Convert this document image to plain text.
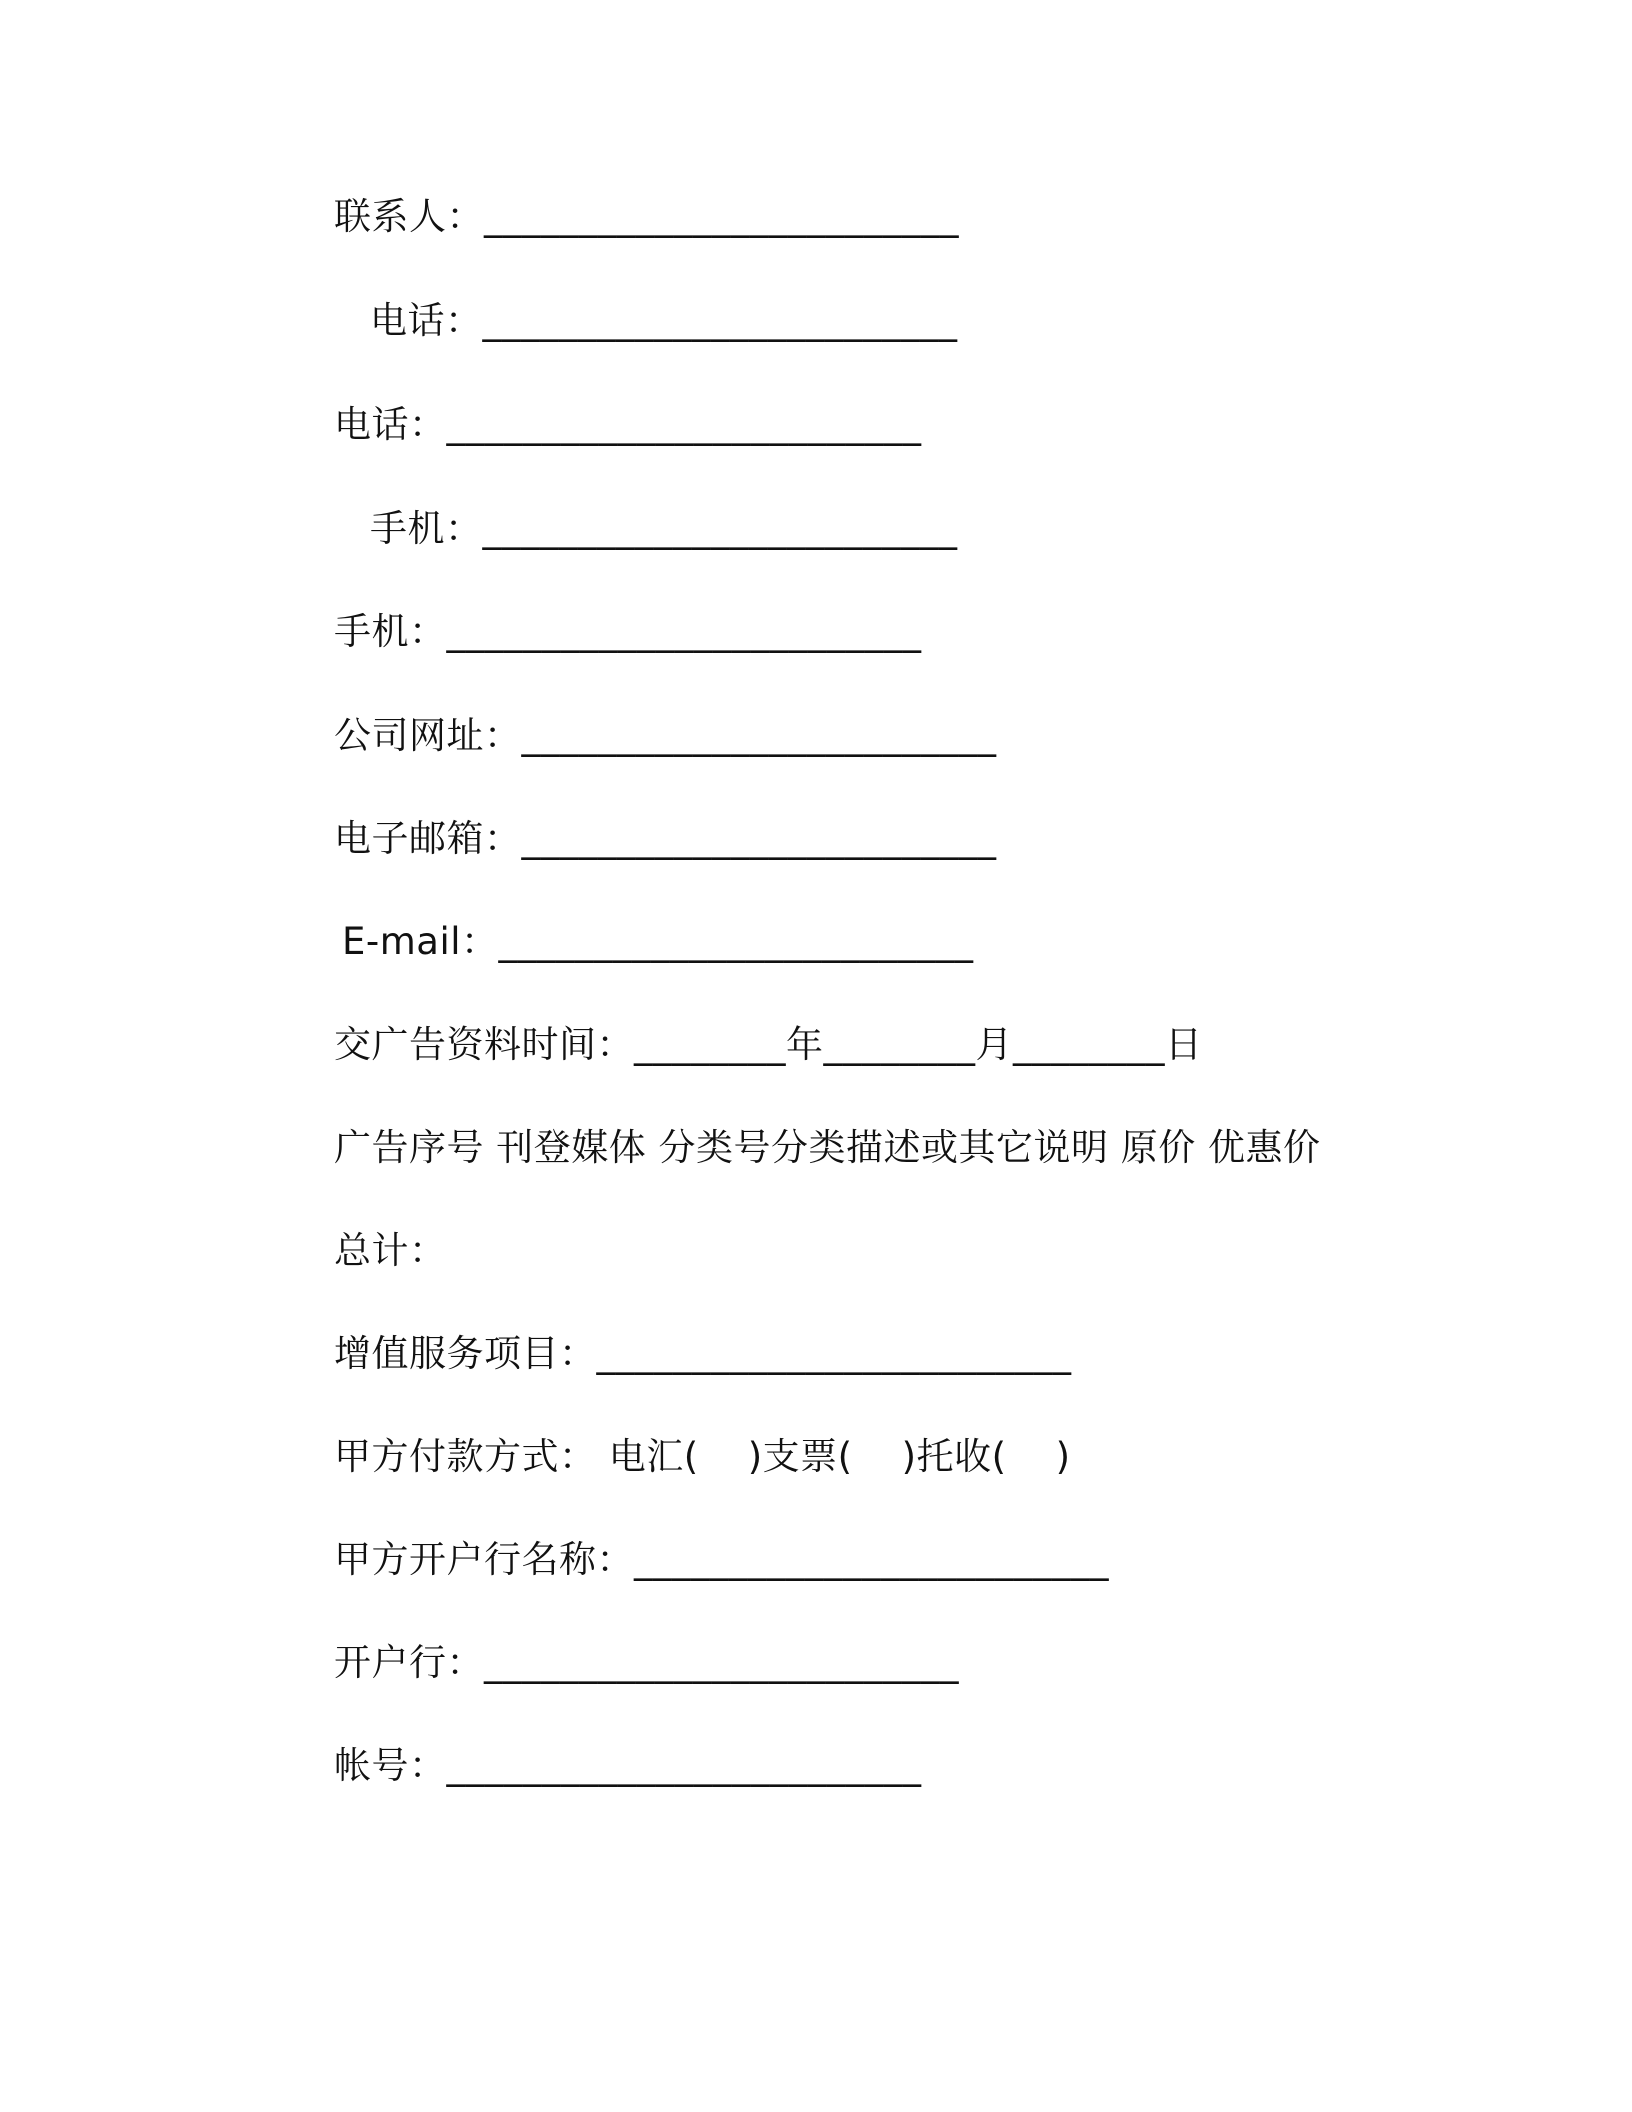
联系人：_________________________
电话：_________________________
电话：_________________________
手机：_________________________
手机：_________________________
公司网址：_________________________
电子邮箱：_________________________
E-mail：_________________________
交广告资料时间：________年________月________日
广告序号 刊登媒体 分类号分类描述或其它说明 原价 优惠价
总计：
增值服务项目：_________________________
甲方付款方式： 电汇(    )支票(    )托收(    )
甲方开户行名称：_________________________
开户行：_________________________
帐号：_________________________
